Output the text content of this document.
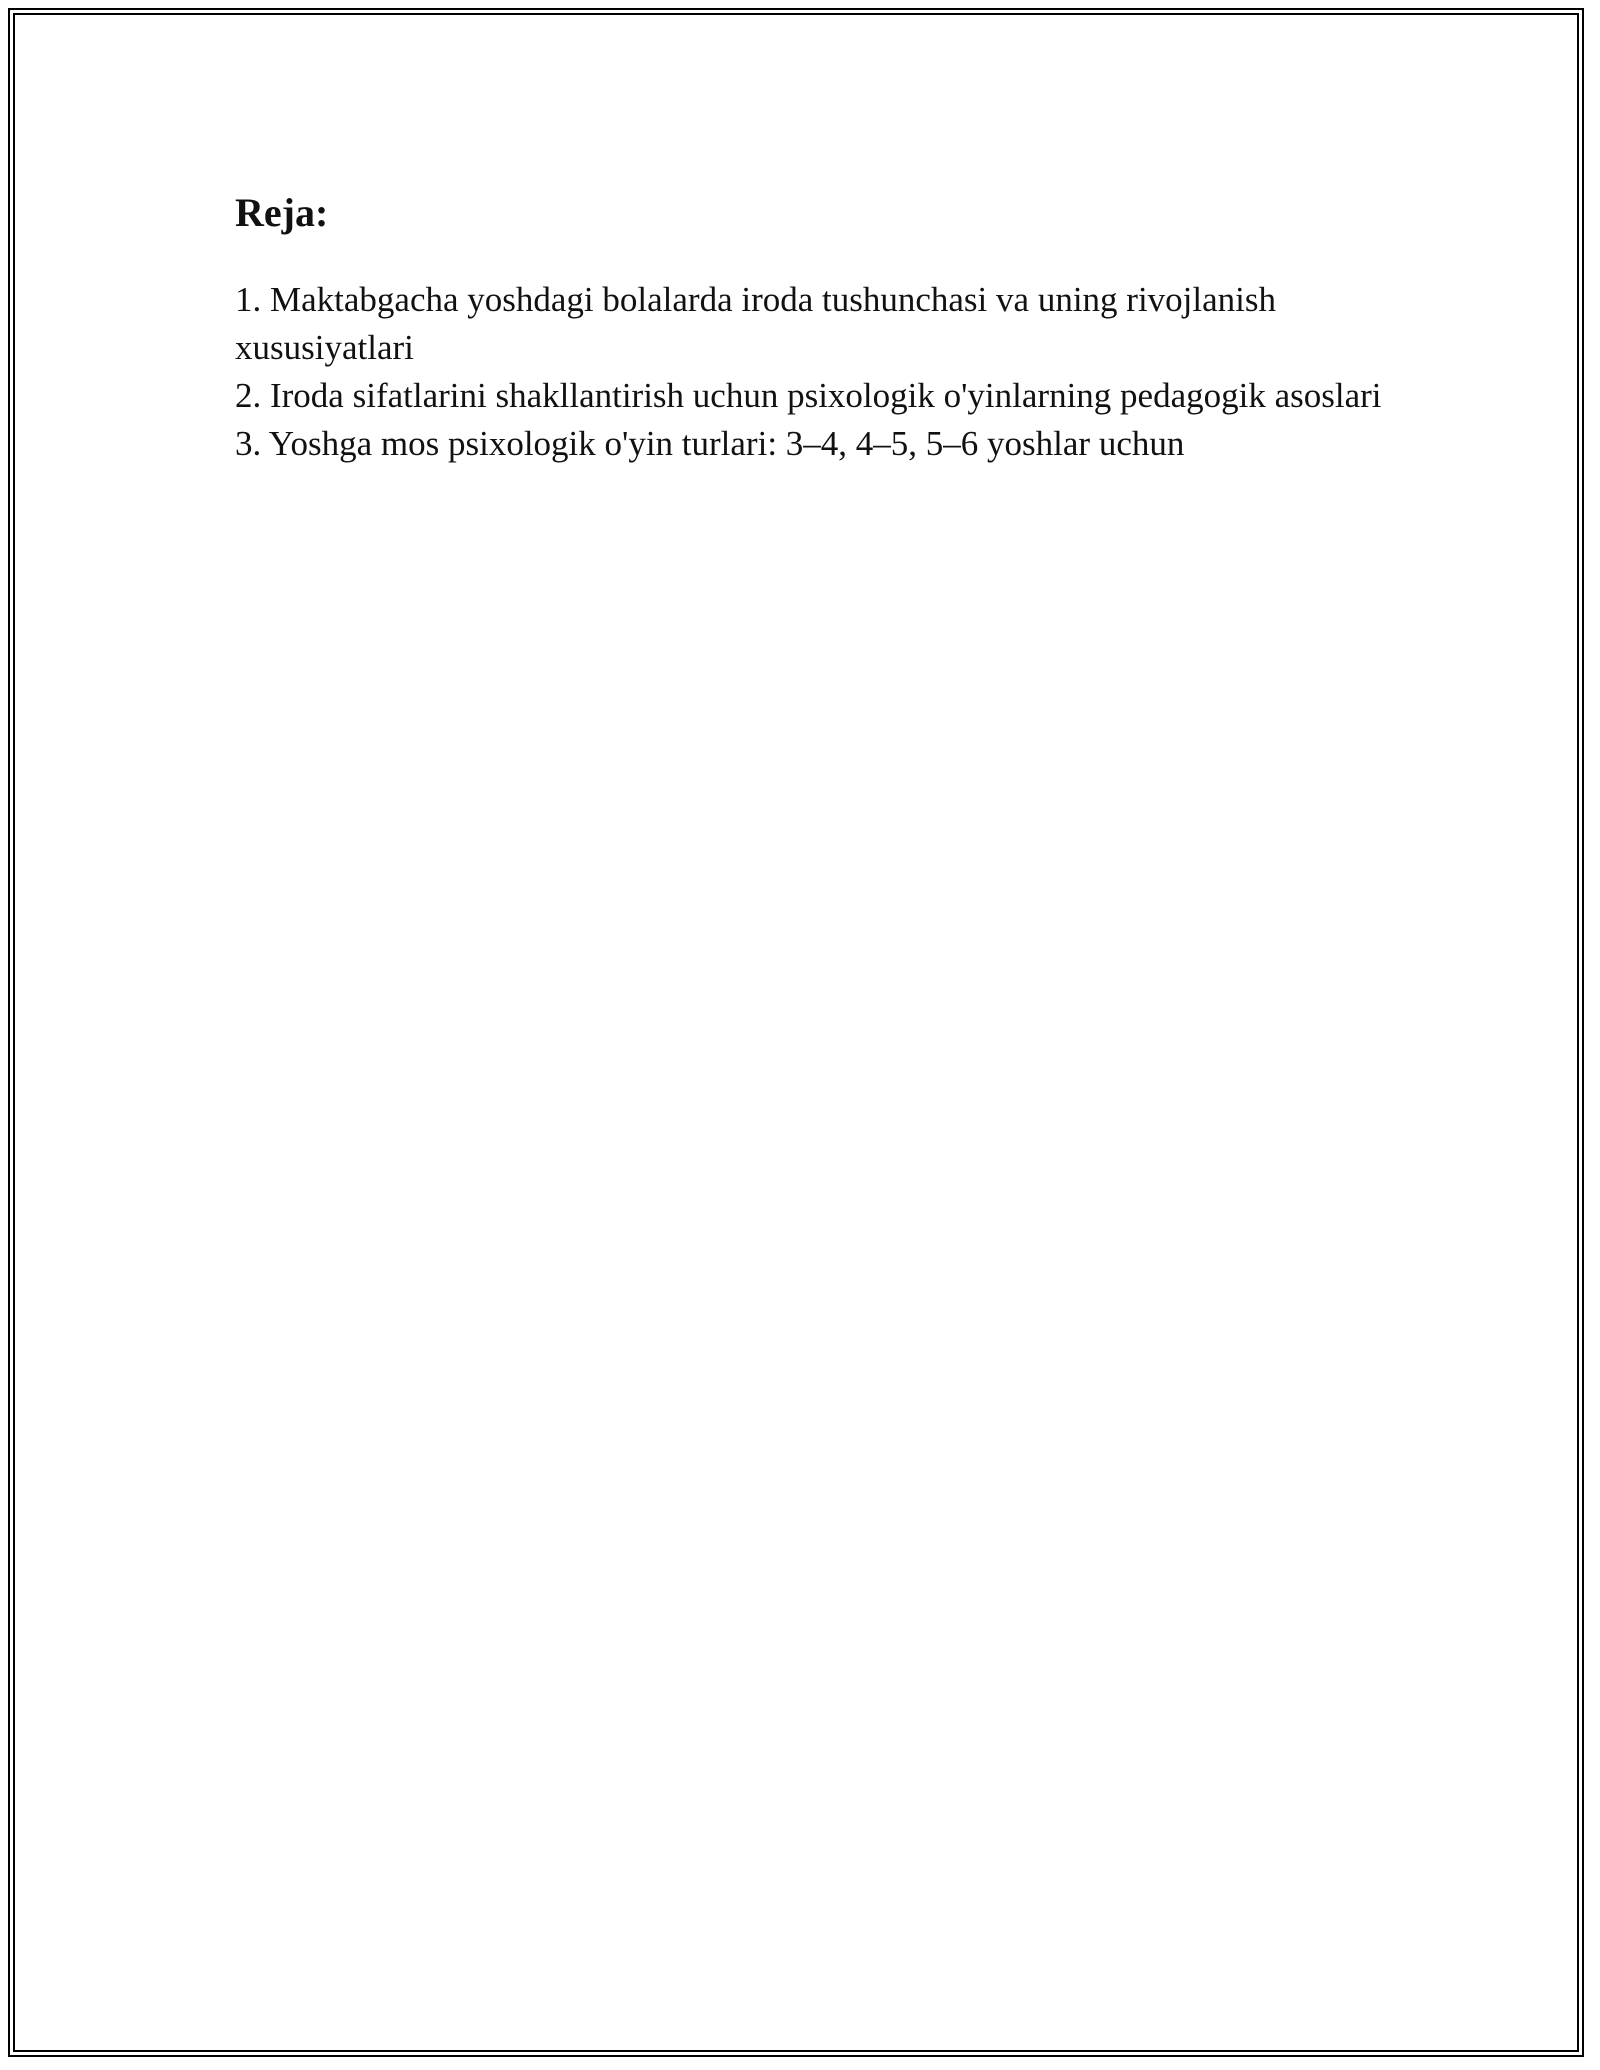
Reja:
1. Maktabgacha yoshdagi bolalarda iroda tushunchasi va uning rivojlanish xususiyatlari
2. Iroda sifatlarini shakllantirish uchun psixologik o'yinlarning pedagogik asoslari
3. Yoshga mos psixologik o'yin turlari: 3–4, 4–5, 5–6 yoshlar uchun
